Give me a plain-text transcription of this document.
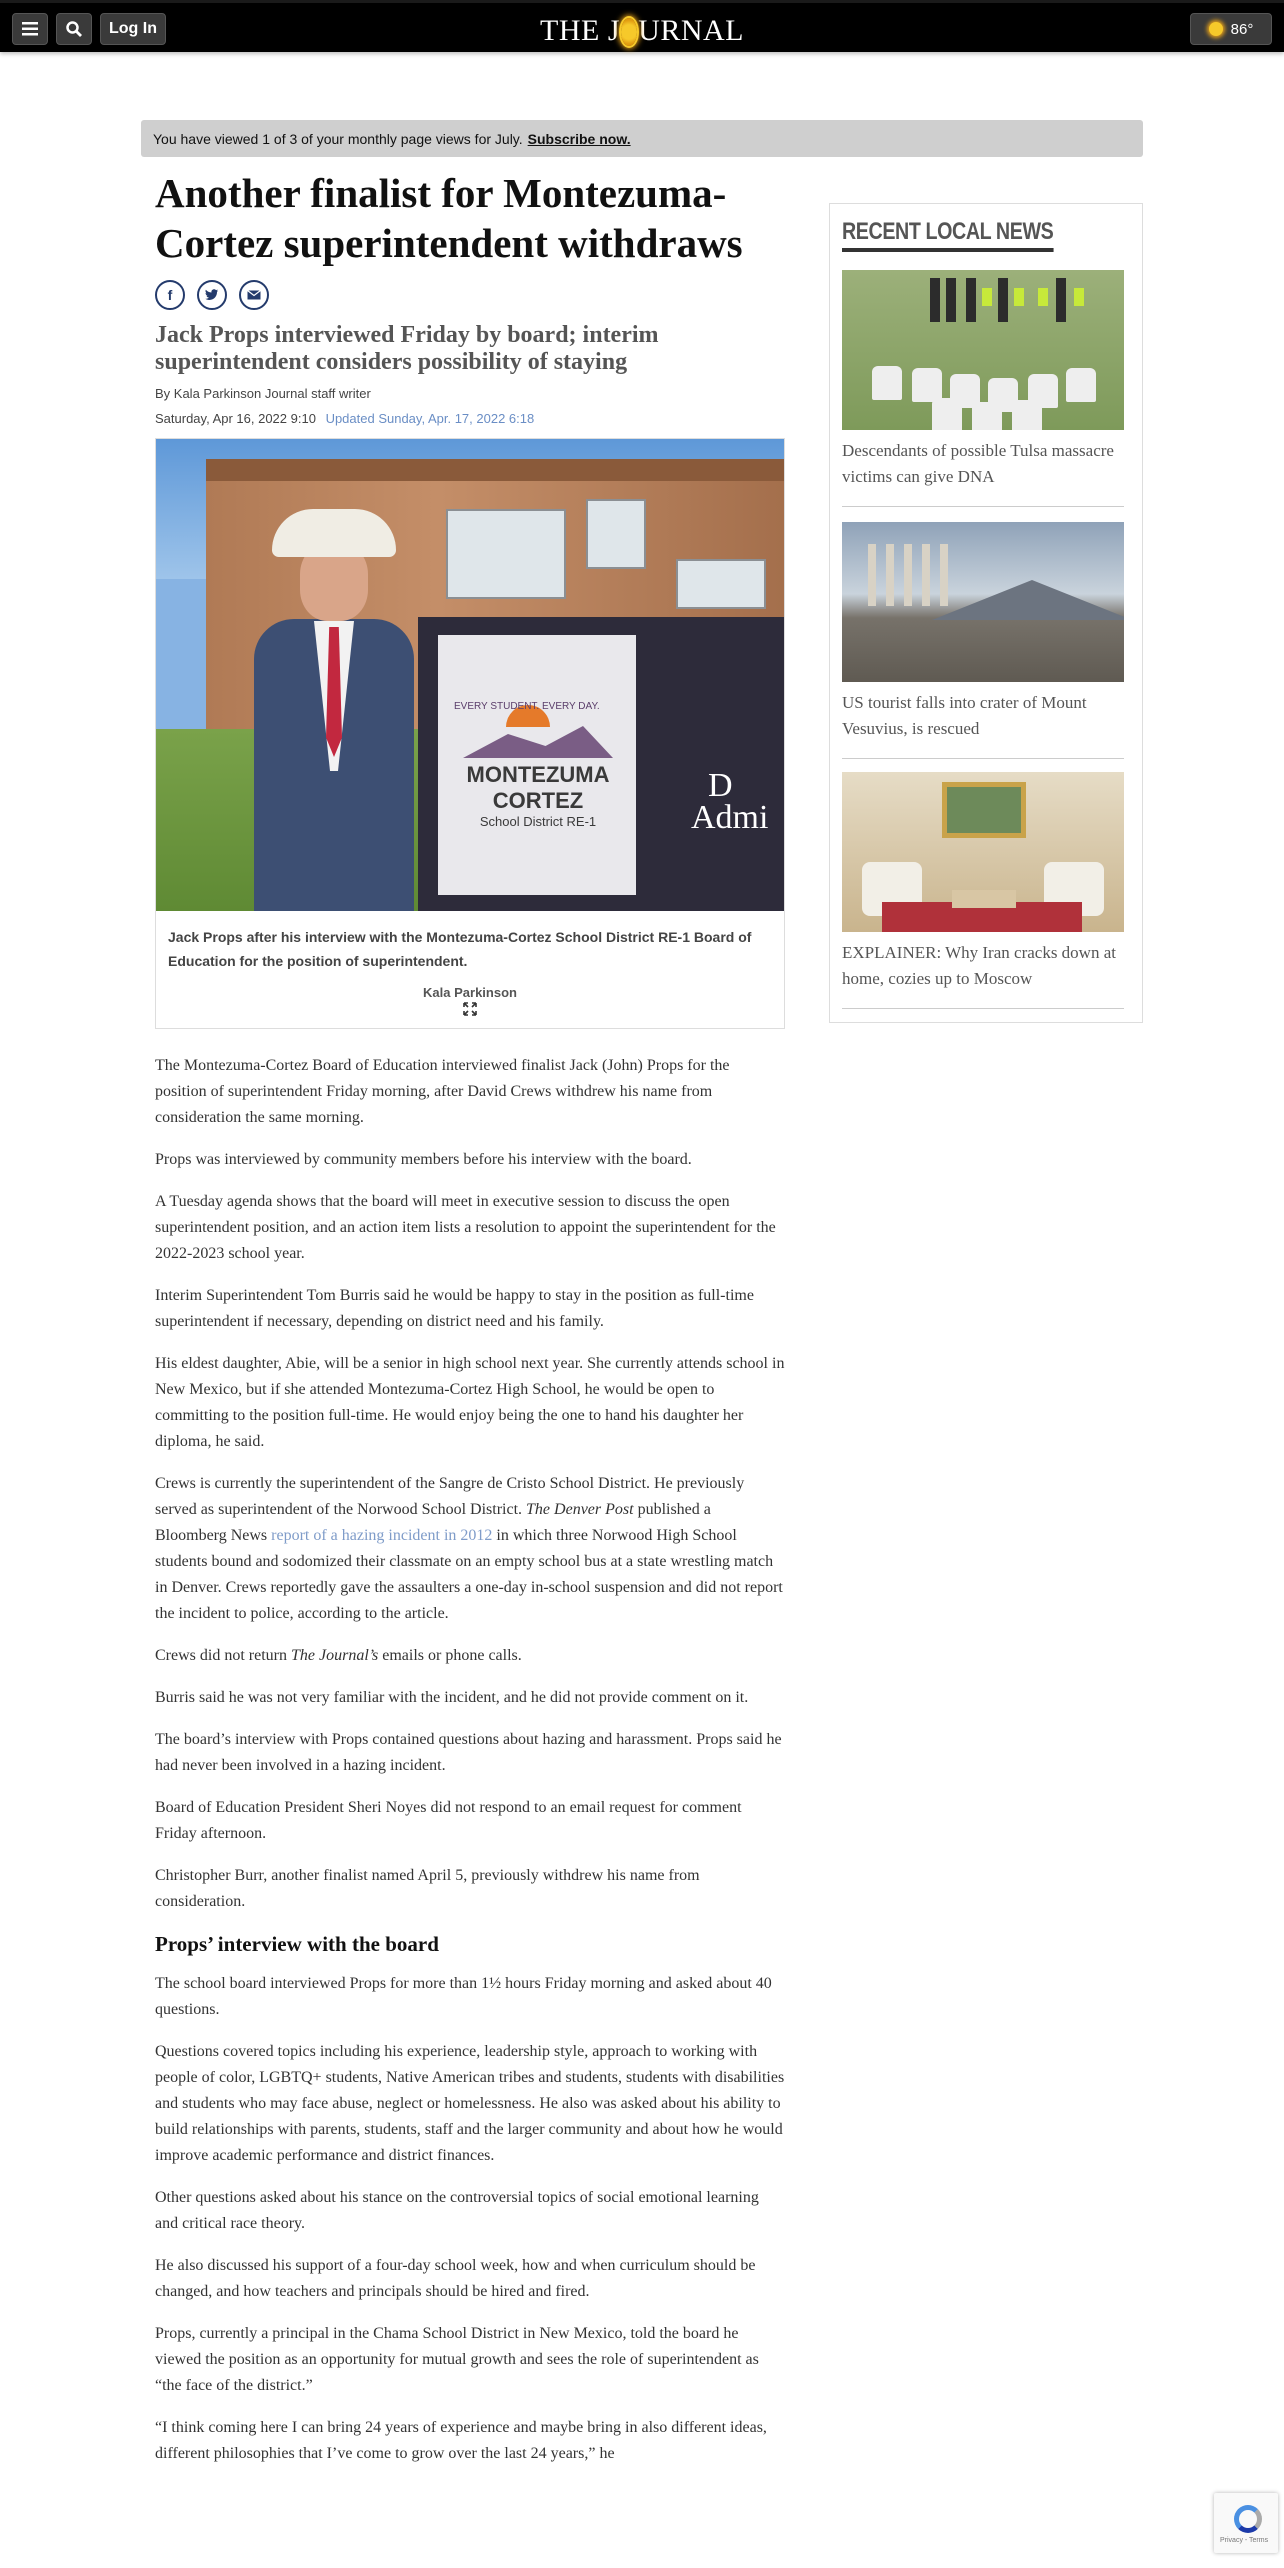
Log In	THE J URNAL	86°
You have viewed 1 of 3 of your monthly page views for July. Subscribe now.
Another finalist for Montezuma-Cortez superintendent withdraws
f
Jack Props interviewed Friday by board; interim superintendent considers possibility of staying
By Kala Parkinson Journal staff writer
Saturday, Apr 16, 2022 9:10 Updated Sunday, Apr. 17, 2022 6:18
EVERY STUDENT. EVERY DAY.
MONTEZUMA CORTEZ
School District RE-1
D
Admi
Jack Props after his interview with the Montezuma-Cortez School District RE-1 Board of Education for the position of superintendent.
Kala Parkinson

The Montezuma-Cortez Board of Education interviewed finalist Jack (John) Props for the position of superintendent Friday morning, after David Crews withdrew his name from consideration the same morning.

Props was interviewed by community members before his interview with the board.

A Tuesday agenda shows that the board will meet in executive session to discuss the open superintendent position, and an action item lists a resolution to appoint the superintendent for the 2022-2023 school year.

Interim Superintendent Tom Burris said he would be happy to stay in the position as full-time superintendent if necessary, depending on district need and his family.

His eldest daughter, Abie, will be a senior in high school next year. She currently attends school in New Mexico, but if she attended Montezuma-Cortez High School, he would be open to committing to the position full-time. He would enjoy being the one to hand his daughter her diploma, he said.

Crews is currently the superintendent of the Sangre de Cristo School District. He previously served as superintendent of the Norwood School District. The Denver Post published a Bloomberg News report of a hazing incident in 2012 in which three Norwood High School students bound and sodomized their classmate on an empty school bus at a state wrestling match in Denver. Crews reportedly gave the assaulters a one-day in-school suspension and did not report the incident to police, according to the article.

Crews did not return The Journal’s emails or phone calls.

Burris said he was not very familiar with the incident, and he did not provide comment on it.

The board’s interview with Props contained questions about hazing and harassment. Props said he had never been involved in a hazing incident.

Board of Education President Sheri Noyes did not respond to an email request for comment Friday afternoon.

Christopher Burr, another finalist named April 5, previously withdrew his name from consideration.

Props’ interview with the board

The school board interviewed Props for more than 1½ hours Friday morning and asked about 40 questions.

Questions covered topics including his experience, leadership style, approach to working with people of color, LGBTQ+ students, Native American tribes and students, students with disabilities and students who may face abuse, neglect or homelessness. He also was asked about his ability to build relationships with parents, students, staff and the larger community and about how he would improve academic performance and district finances.

Other questions asked about his stance on the controversial topics of social emotional learning and critical race theory.

He also discussed his support of a four-day school week, how and when curriculum should be changed, and how teachers and principals should be hired and fired.

Props, currently a principal in the Chama School District in New Mexico, told the board he viewed the position as an opportunity for mutual growth and sees the role of superintendent as “the face of the district.”

“I think coming here I can bring 24 years of experience and maybe bring in also different ideas, different philosophies that I’ve come to grow over the last 24 years,” he

RECENT LOCAL NEWS
Descendants of possible Tulsa massacre victims can give DNA
US tourist falls into crater of Mount Vesuvius, is rescued
EXPLAINER: Why Iran cracks down at home, cozies up to Moscow
Privacy - Terms
